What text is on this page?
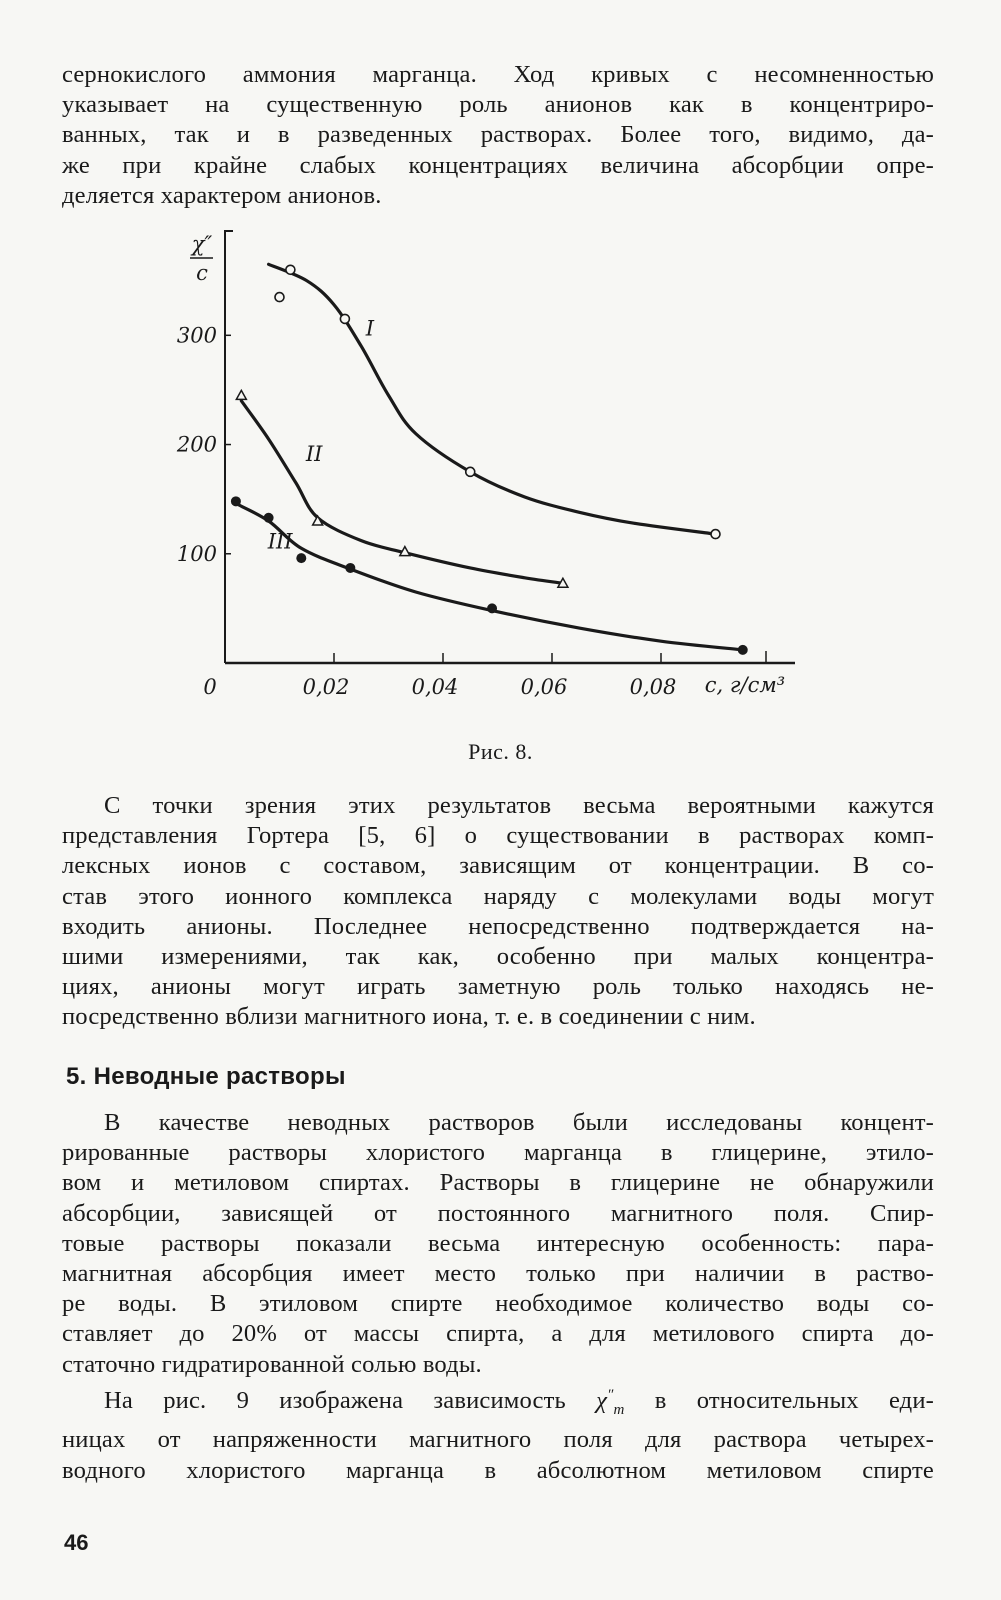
сернокислого аммония марганца. Ход кривых с несомненностью
указывает на существенную роль анионов как в концентриро-
ванных, так и в разведенных растворах. Более того, видимо, да-
же при крайне слабых концентрациях величина абсорбции опре-
деляется характером анионов.
100
200
300
0	0,02	0,04	0,06	0,08 c, г/см³
χ″
c
I
II
III
Рис. 8.
С точки зрения этих результатов весьма вероятными кажутся
представления Гортера [5, 6] о существовании в растворах комп-
лексных ионов с составом, зависящим от концентрации. В со-
став этого ионного комплекса наряду с молекулами воды могут
входить анионы. Последнее непосредственно подтверждается на-
шими измерениями, так как, особенно при малых концентра-
циях, анионы могут играть заметную роль только находясь не-
посредственно вблизи магнитного иона, т. е. в соединении с ним.
5. Неводные растворы
В качестве неводных растворов были исследованы концент-
рированные растворы хлористого марганца в глицерине, этило-
вом и метиловом спиртах. Растворы в глицерине не обнаружили
абсорбции, зависящей от постоянного магнитного поля. Спир-
товые растворы показали весьма интересную особенность: пара-
магнитная абсорбция имеет место только при наличии в раство-
ре воды. В этиловом спирте необходимое количество воды со-
ставляет до 20% от массы спирта, а для метилового спирта до-
статочно гидратированной солью воды.
На рис. 9 изображена зависимость $\chi''_m$ в относительных еди-
ницах от напряженности магнитного поля для раствора четырех-
водного хлористого марганца в абсолютном метиловом спирте
46
